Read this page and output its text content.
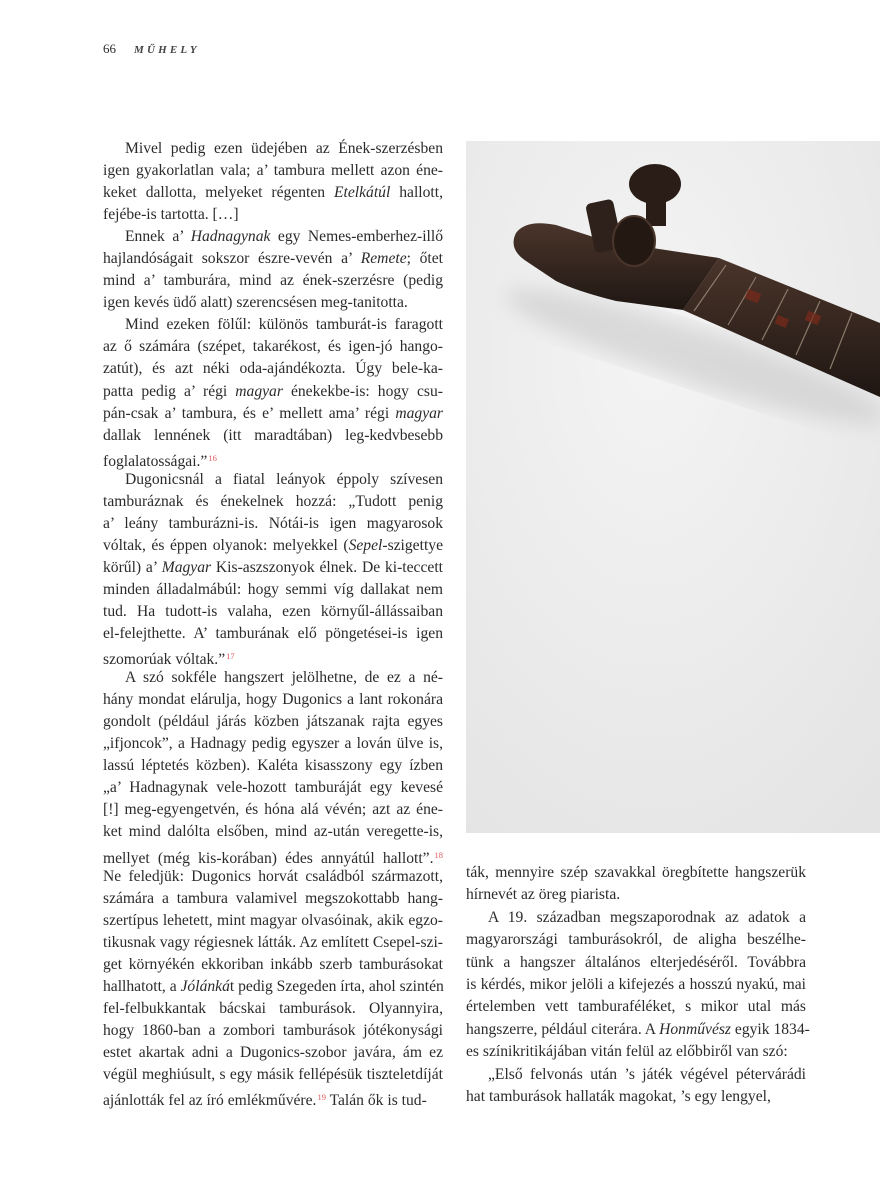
66 MŰHELY
Mivel pedig ezen üdejében az Ének-szerzésben
igen gyakorlatlan vala; a’ tambura mellett azon éne-
keket dallotta, melyeket régenten Etelkátúl hallott,
fejébe-is tartotta. […]
Ennek a’ Hadnagynak egy Nemes-emberhez-illő
hajlandóságait sokszor észre-vevén a’ Remete; őtet
mind a’ tamburára, mind az ének-szerzésre (pedig
igen kevés üdő alatt) szerencsésen meg-tanitotta.
Mind ezeken fölűl: különös tamburát-is faragott
az ő számára (szépet, takarékost, és igen-jó hango-
zatút), és azt néki oda-ajándékozta. Úgy bele-ka-
patta pedig a’ régi magyar énekekbe-is: hogy csu-
pán-csak a’ tambura, és e’ mellett ama’ régi magyar
dallak lennének (itt maradtában) leg-kedvbesebb
foglalatosságai.”$^{16}$
Dugonicsnál a fiatal leányok éppoly szívesen
tamburáznak és énekelnek hozzá: „Tudott penig
a’ leány tamburázni-is. Nótái-is igen magyarosok
vóltak, és éppen olyanok: melyekkel (Sepel-szigettye
körűl) a’ Magyar Kis-aszszonyok élnek. De ki-teccett
minden álladalmábúl: hogy semmi víg dallakat nem
tud. Ha tudott-is valaha, ezen környűl-állássaiban
el-felejthette. A’ tamburának elő pöngetései-is igen
szomorúak vóltak.”$^{17}$
A szó sokféle hangszert jelölhetne, de ez a né-
hány mondat elárulja, hogy Dugonics a lant rokonára
gondolt (például járás közben játszanak rajta egyes
„ifjoncok”, a Hadnagy pedig egyszer a lován ülve is,
lassú léptetés közben). Kaléta kisasszony egy ízben
„a’ Hadnagynak vele-hozott tamburáját egy kevesé
[!] meg-egyengetvén, és hóna alá vévén; azt az éne-
ket mind dalólta elsőben, mind az-után veregette-is,
mellyet (még kis-korában) édes annyátúl hallott”.$^{18}$
Ne feledjük: Dugonics horvát családból származott,
számára a tambura valamivel megszokottabb hang-
szertípus lehetett, mint magyar olvasóinak, akik egzo-
tikusnak vagy régiesnek látták. Az említett Csepel-szi-
get környékén ekkoriban inkább szerb tamburásokat
hallhatott, a Jólánkát pedig Szegeden írta, ahol szintén
fel-felbukkantak bácskai tamburások. Olyannyira,
hogy 1860-ban a zombori tamburások jótékonysági
estet akartak adni a Dugonics-szobor javára, ám ez
végül meghiúsult, s egy másik fellépésük tiszteletdíját
ajánlották fel az író emlékművére.$^{19}$ Talán ők is tud-
ták, mennyire szép szavakkal öregbítette hangszerük
hírnevét az öreg piarista.
A 19. században megszaporodnak az adatok a
magyarországi tamburásokról, de aligha beszélhe-
tünk a hangszer általános elterjedéséről. Továbbra
is kérdés, mikor jelöli a kifejezés a hosszú nyakú, mai
értelemben vett tamburaféléket, s mikor utal más
hangszerre, például citerára. A Honművész egyik 1834-
es színikritikájában vitán felül az előbbiről van szó:
„Első felvonás után ’s játék végével pétervárádi
hat tamburások hallaták magokat, ’s egy lengyel,
